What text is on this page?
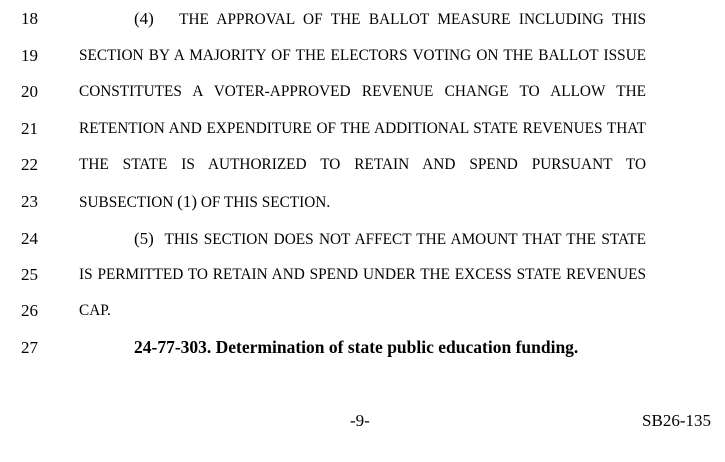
18	(4) THE APPROVAL OF THE BALLOT MEASURE INCLUDING THIS
19	SECTION BY A MAJORITY OF THE ELECTORS VOTING ON THE BALLOT ISSUE
20	CONSTITUTES A VOTER-APPROVED REVENUE CHANGE TO ALLOW THE
21	RETENTION AND EXPENDITURE OF THE ADDITIONAL STATE REVENUES THAT
22	THE STATE IS AUTHORIZED TO RETAIN AND SPEND PURSUANT TO
23	SUBSECTION (1) OF THIS SECTION.
24	(5) THIS SECTION DOES NOT AFFECT THE AMOUNT THAT THE STATE
25	IS PERMITTED TO RETAIN AND SPEND UNDER THE EXCESS STATE REVENUES
26	CAP.
27	24-77-303. Determination of state public education funding.
-9-	SB26-135
